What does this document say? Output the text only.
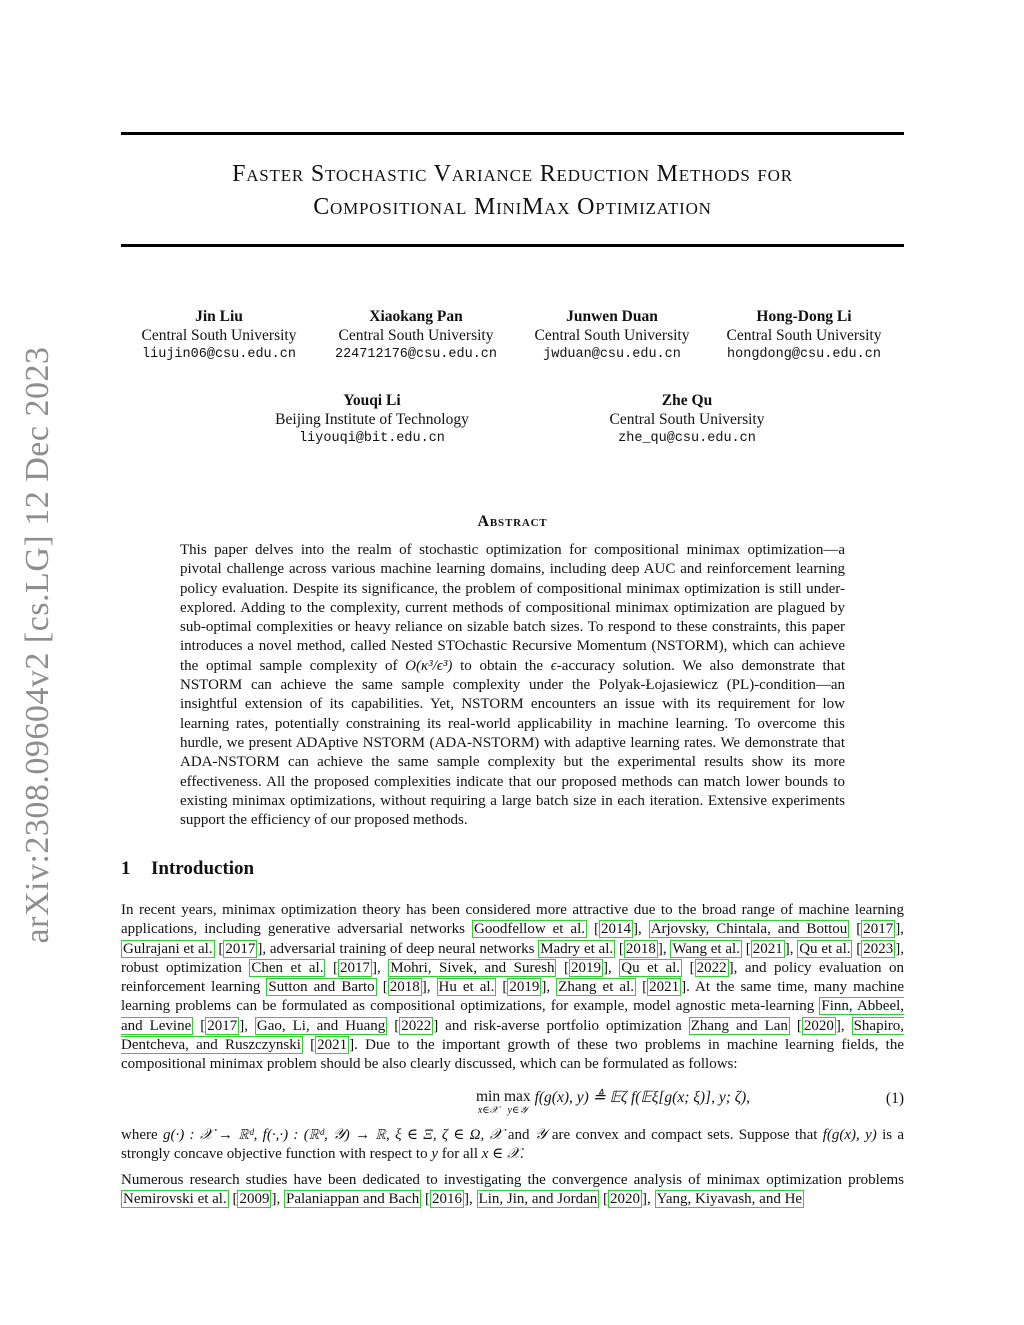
arXiv:2308.09604v2 [cs.LG] 12 Dec 2023
Faster Stochastic Variance Reduction Methods for
Compositional MiniMax Optimization
Jin Liu
Central South University
liujin06@csu.edu.cn
Xiaokang Pan
Central South University
224712176@csu.edu.cn
Junwen Duan
Central South University
jwduan@csu.edu.cn
Hong-Dong Li
Central South University
hongdong@csu.edu.cn
Youqi Li
Beijing Institute of Technology
liyouqi@bit.edu.cn
Zhe Qu
Central South University
zhe_qu@csu.edu.cn
Abstract
This paper delves into the realm of stochastic optimization for compositional minimax optimization—a pivotal challenge across various machine learning domains, including deep AUC and reinforcement learning policy evaluation. Despite its significance, the problem of compositional minimax optimization is still under-explored. Adding to the complexity, current methods of compositional minimax optimization are plagued by sub-optimal complexities or heavy reliance on sizable batch sizes. To respond to these constraints, this paper introduces a novel method, called Nested STOchastic Recursive Momentum (NSTORM), which can achieve the optimal sample complexity of O(κ³/ϵ³) to obtain the ϵ-accuracy solution. We also demonstrate that NSTORM can achieve the same sample complexity under the Polyak-Łojasiewicz (PL)-condition—an insightful extension of its capabilities. Yet, NSTORM encounters an issue with its requirement for low learning rates, potentially constraining its real-world applicability in machine learning. To overcome this hurdle, we present ADAptive NSTORM (ADA-NSTORM) with adaptive learning rates. We demonstrate that ADA-NSTORM can achieve the same sample complexity but the experimental results show its more effectiveness. All the proposed complexities indicate that our proposed methods can match lower bounds to existing minimax optimizations, without requiring a large batch size in each iteration. Extensive experiments support the efficiency of our proposed methods.
1 Introduction
In recent years, minimax optimization theory has been considered more attractive due to the broad range of machine learning applications, including generative adversarial networks Goodfellow et al. [ 2014 ], Arjovsky, Chintala, and Bottou [ 2017 ], Gulrajani et al. [ 2017 ], adversarial training of deep neural networks Madry et al. [ 2018 ], Wang et al. [ 2021 ], Qu et al. [ 2023 ], robust optimization Chen et al. [ 2017 ], Mohri, Sivek, and Suresh [ 2019 ], Qu et al. [ 2022 ], and policy evaluation on reinforcement learning Sutton and Barto [ 2018 ], Hu et al. [ 2019 ], Zhang et al. [ 2021 ]. At the same time, many machine learning problems can be formulated as compositional optimizations, for example, model agnostic meta-learning Finn, Abbeel, and Levine [ 2017 ], Gao, Li, and Huang [ 2022 ] and risk-averse portfolio optimization Zhang and Lan [ 2020 ], Shapiro, Dentcheva, and Ruszczynski [ 2021 ]. Due to the important growth of these two problems in machine learning fields, the compositional minimax problem should be also clearly discussed, which can be formulated as follows:
min
$^{x\in 𝒳}$ max
$^{y\in 𝒴}$ f(g(x), y) ≜ 𝔼ζ f(𝔼ξ[g(x; ξ)], y; ζ),	(1)
where g(·) : 𝒳 → ℝᵈ, f(·,·) : (ℝᵈ, 𝒴) → ℝ, ξ ∈ Ξ, ζ ∈ Ω, 𝒳 and 𝒴 are convex and compact sets. Suppose that f(g(x), y) is a strongly concave objective function with respect to y for all x ∈ 𝒳.
Numerous research studies have been dedicated to investigating the convergence analysis of minimax optimization problems Nemirovski et al. [ 2009 ], Palaniappan and Bach [ 2016 ], Lin, Jin, and Jordan [ 2020 ], Yang, Kiyavash, and He
